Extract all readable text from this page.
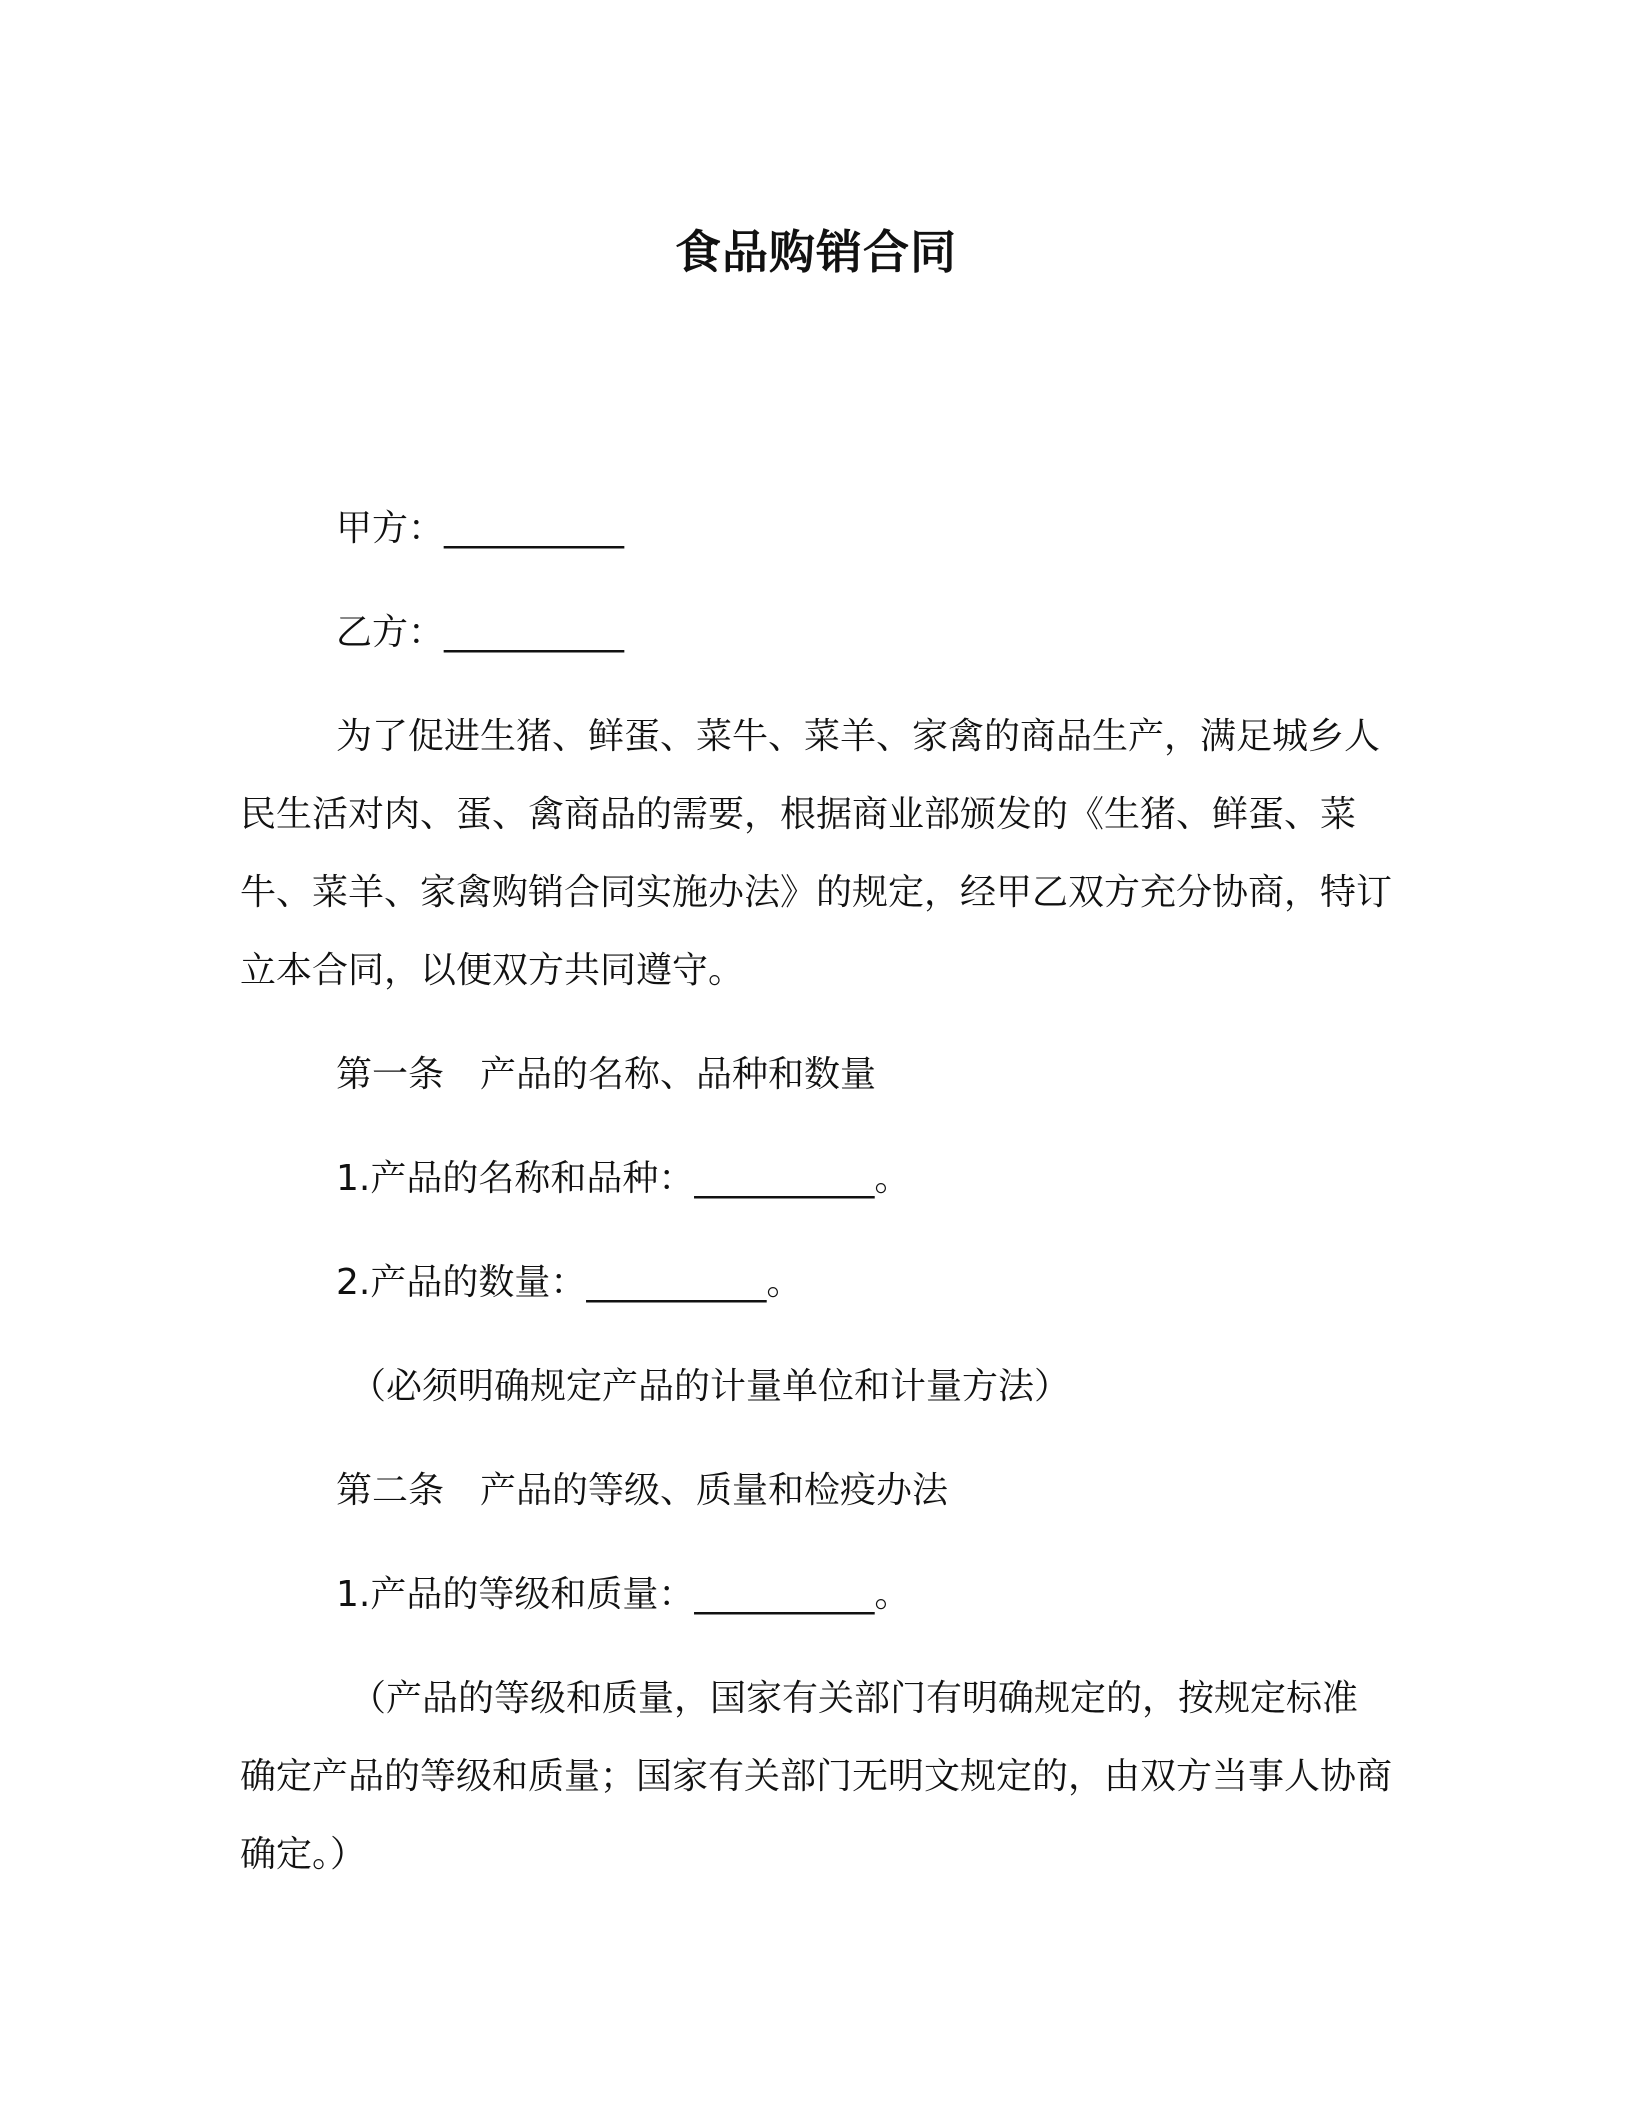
食品购销合同

甲方：__________

乙方：__________

为了促进生猪、鲜蛋、菜牛、菜羊、家禽的商品生产，满足城乡人民生活对肉、蛋、禽商品的需要，根据商业部颁发的《生猪、鲜蛋、菜牛、菜羊、家禽购销合同实施办法》的规定，经甲乙双方充分协商，特订立本合同，以便双方共同遵守。

第一条　产品的名称、品种和数量

1.产品的名称和品种：__________。

2.产品的数量：__________。

（必须明确规定产品的计量单位和计量方法）

第二条　产品的等级、质量和检疫办法

1.产品的等级和质量：__________。

（产品的等级和质量，国家有关部门有明确规定的，按规定标准确定产品的等级和质量；国家有关部门无明文规定的，由双方当事人协商确定。）
